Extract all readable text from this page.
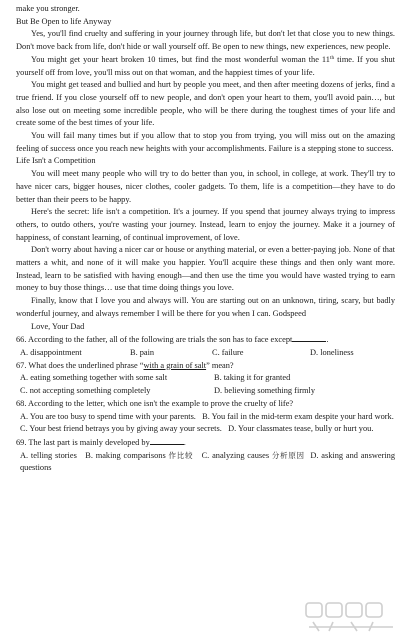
make you stronger.

But Be Open to life Anyway

Yes, you'll find cruelty and suffering in your journey through life, but don't let that close you to new things. Don't move back from life, don't hide or wall yourself off. Be open to new things, new experiences, new people.

You might get your heart broken 10 times, but find the most wonderful woman the 11th time. If you shut yourself off from love, you'll miss out on that woman, and the happiest times of your life.

You might get teased and bullied and hurt by people you meet, and then after meeting dozens of jerks, find a true friend. If you close yourself off to new people, and don't open your heart to them, you'll avoid pain…, but also lose out on meeting some incredible people, who will be there during the toughest times of your life and create some of the best times of your life.

You will fail many times but if you allow that to stop you from trying, you will miss out on the amazing feeling of success once you reach new heights with your accomplishments. Failure is a stepping stone to success.

Life Isn't a Competition

You will meet many people who will try to do better than you, in school, in college, at work. They'll try to have nicer cars, bigger houses, nicer clothes, cooler gadgets. To them, life is a competition—they have to do better than their peers to be happy.

Here's the secret: life isn't a competition. It's a journey. If you spend that journey always trying to impress others, to outdo others, you're wasting your journey. Instead, learn to enjoy the journey. Make it a journey of happiness, of constant learning, of continual improvement, of love.

Don't worry about having a nicer car or house or anything material, or even a better-paying job. None of that matters a whit, and none of it will make you happier. You'll acquire these things and then only want more. Instead, learn to be satisfied with having enough—and then use the time you would have wasted trying to earn money to buy those things… use that time doing things you love.

Finally, know that I love you and always will. You are starting out on an unknown, tiring, scary, but badly wonderful journey, and always remember I will be there for you when I can. Godspeed

Love, Your Dad

66. According to the father, all of the following are trials the son has to face except	.

A. disappointment	B. pain	C. failure	D. loneliness

67. What does the underlined phrase “with a grain of salt” mean?

A. eating something together with some salt	B. taking it for granted
C. not accepting something completely	D. believing something firmly

68. According to the letter, which one isn't the example to prove the cruelty of life?

A. You are too busy to spend time with your parents. B. You fail in the mid-term exam despite your hard work.

C. Your best friend betrays you by giving away your secrets. D. Your classmates tease, bully or hurt you.

69. The last part is mainly developed by	.

A. telling stories B. making comparisons 作比较 C. analyzing causes 分析原因 D. asking and answering questions
